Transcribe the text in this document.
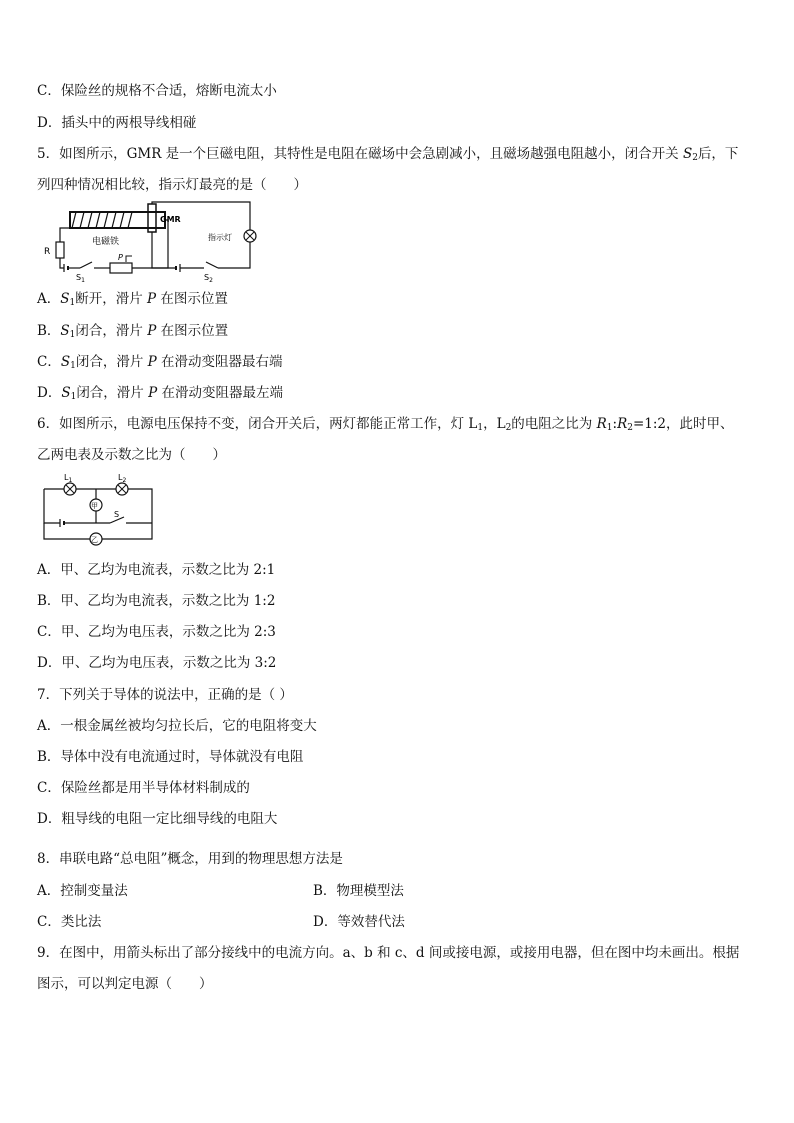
C．保险丝的规格不合适，熔断电流太小
D．插头中的两根导线相碰
5．如图所示，GMR 是一个巨磁电阻，其特性是电阻在磁场中会急剧减小，且磁场越强电阻越小，闭合开关 $S_2$后，下
列四种情况相比较，指示灯最亮的是（　　）
电磁铁
R
$S_1$
P
GMR
指示灯
$S_2$
A．$S_1$断开，滑片 P 在图示位置
B．$S_1$闭合，滑片 P 在图示位置
C．$S_1$闭合，滑片 P 在滑动变阻器最右端
D．$S_1$闭合，滑片 P 在滑动变阻器最左端
6．如图所示，电源电压保持不变，闭合开关后，两灯都能正常工作，灯 $L_1$，$L_2$的电阻之比为 $R_1:R_2=1:2$，此时甲、
乙两电表及示数之比为（　　）
$L_1$	$L_2$
甲
S
乙
A．甲、乙均为电流表，示数之比为 2:1
B．甲、乙均为电流表，示数之比为 1:2
C．甲、乙均为电压表，示数之比为 2:3
D．甲、乙均为电压表，示数之比为 3:2
7．下列关于导体的说法中，正确的是（ ）
A．一根金属丝被均匀拉长后，它的电阻将变大
B．导体中没有电流通过时，导体就没有电阻
C．保险丝都是用半导体材料制成的
D．粗导线的电阻一定比细导线的电阻大
8．串联电路“总电阻”概念，用到的物理思想方法是
A．控制变量法	B．物理模型法
C．类比法	D．等效替代法
9．在图中，用箭头标出了部分接线中的电流方向。a、b 和 c、d 间或接电源，或接用电器，但在图中均未画出。根据
图示，可以判定电源（　　）
